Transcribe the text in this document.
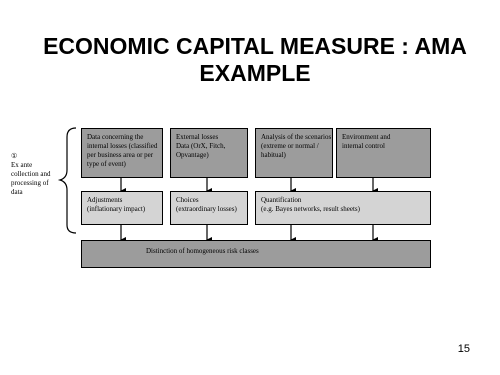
ECONOMIC CAPITAL MEASURE : AMA
EXAMPLE
①
Ex ante
collection and
processing of
data
Data concerning the
internal losses (classified
per business area or per
type of event)
External losses
Data (OrX, Fitch,
Opvantage)
Analysis of the scenarios
(extreme or normal /
habitual)
Environment and
internal control
Adjustments
(inflationary impact)
Choices
(extraordinary losses)
Quantification
(e.g. Bayes networks, result sheets)
Distinction of homogeneous risk classes
15
